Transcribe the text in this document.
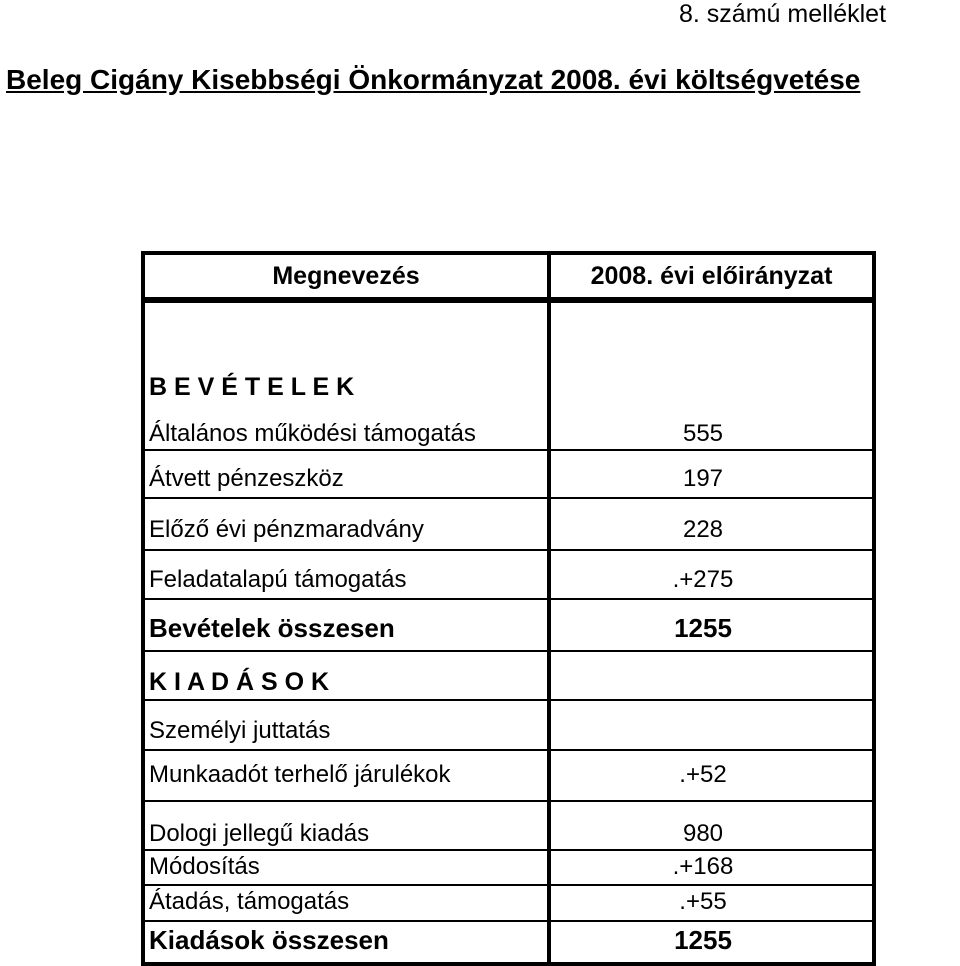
8. számú melléklet
Beleg Cigány Kisebbségi Önkormányzat 2008. évi költségvetése
Megnevezés	2008. évi előirányzat
B E V É T E L E K
Általános működési támogatás	555
Átvett pénzeszköz	197
Előző évi pénzmaradvány	228
Feladatalapú támogatás	.+275
Bevételek összesen	1255
K I A D Á S O K
Személyi juttatás
Munkaadót terhelő járulékok	.+52
Dologi jellegű kiadás	980
Módosítás	.+168
Átadás, támogatás	.+55
Kiadások összesen	1255
